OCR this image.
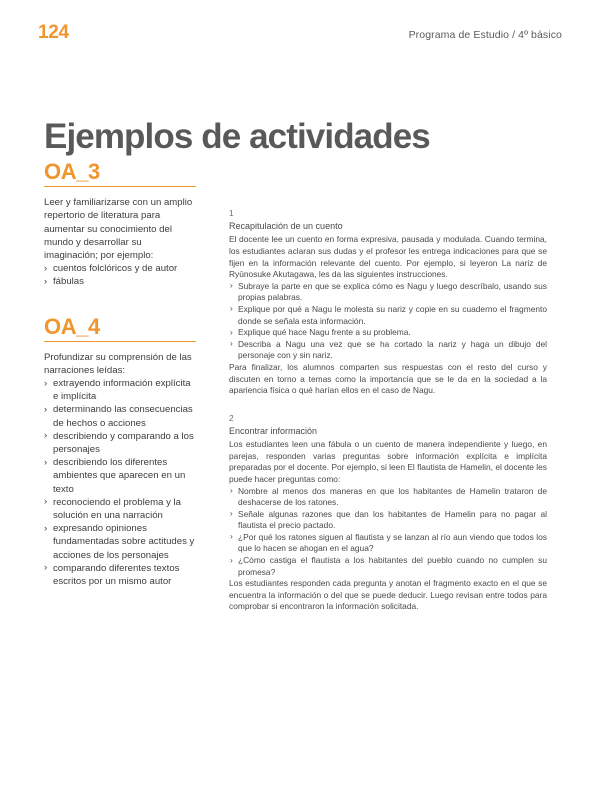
124	Programa de Estudio / 4º básico
Ejemplos de actividades
OA_3

Leer y familiarizarse con un amplio repertorio de literatura para aumentar su conocimiento del mundo y desarrollar su imaginación; por ejemplo:

› cuentos folclóricos y de autor
› fábulas
OA_4

Profundizar su comprensión de las narraciones leídas:

› extrayendo información explícita e implícita
› determinando las consecuencias de hechos o acciones
› describiendo y comparando a los personajes
› describiendo los diferentes ambientes que aparecen en un texto
› reconociendo el problema y la solución en una narración
› expresando opiniones fundamentadas sobre actitudes y acciones de los personajes
› comparando diferentes textos escritos por un mismo autor

1

Recapitulación de un cuento

El docente lee un cuento en forma expresiva, pausada y modulada. Cuando termina, los estudiantes aclaran sus dudas y el profesor les entrega indicaciones para que se fijen en la información relevante del cuento. Por ejemplo, si leyeron La nariz de Ryūnosuke Akutagawa, les da las siguientes instrucciones.

› Subraye la parte en que se explica cómo es Nagu y luego descríbalo, usando sus propias palabras.
› Explique por qué a Nagu le molesta su nariz y copie en su cuaderno el fragmento donde se señala esta información.
› Explique qué hace Nagu frente a su problema.
› Describa a Nagu una vez que se ha cortado la nariz y haga un dibujo del personaje con y sin nariz.

Para finalizar, los alumnos comparten sus respuestas con el resto del curso y discuten en torno a temas como la importancia que se le da en la sociedad a la apariencia física o qué harían ellos en el caso de Nagu.

2

Encontrar información

Los estudiantes leen una fábula o un cuento de manera independiente y luego, en parejas, responden varias preguntas sobre información explícita e implícita preparadas por el docente. Por ejemplo, si leen El flautista de Hamelin, el docente les puede hacer preguntas como:

› Nombre al menos dos maneras en que los habitantes de Hamelin trataron de deshacerse de los ratones.
› Señale algunas razones que dan los habitantes de Hamelin para no pagar al flautista el precio pactado.
› ¿Por qué los ratones siguen al flautista y se lanzan al río aun viendo que todos los que lo hacen se ahogan en el agua?
› ¿Cómo castiga el flautista a los habitantes del pueblo cuando no cumplen su promesa?

Los estudiantes responden cada pregunta y anotan el fragmento exacto en el que se encuentra la información o del que se puede deducir. Luego revisan entre todos para comprobar si encontraron la información solicitada.
